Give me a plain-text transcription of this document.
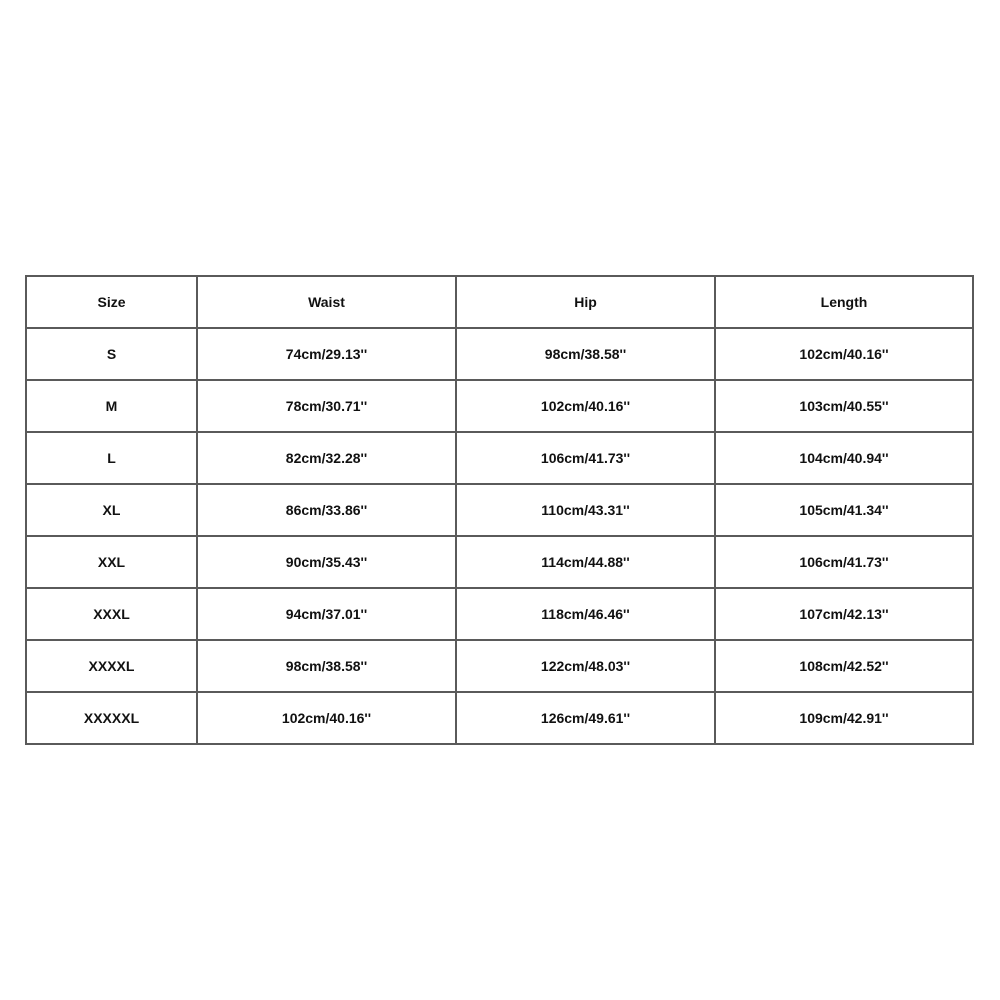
Size	Waist	Hip	Length
S	74cm/29.13''	98cm/38.58''	102cm/40.16''
M	78cm/30.71''	102cm/40.16''	103cm/40.55''
L	82cm/32.28''	106cm/41.73''	104cm/40.94''
XL	86cm/33.86''	110cm/43.31''	105cm/41.34''
XXL	90cm/35.43''	114cm/44.88''	106cm/41.73''
XXXL	94cm/37.01''	118cm/46.46''	107cm/42.13''
XXXXL	98cm/38.58''	122cm/48.03''	108cm/42.52''
XXXXXL	102cm/40.16''	126cm/49.61''	109cm/42.91''
